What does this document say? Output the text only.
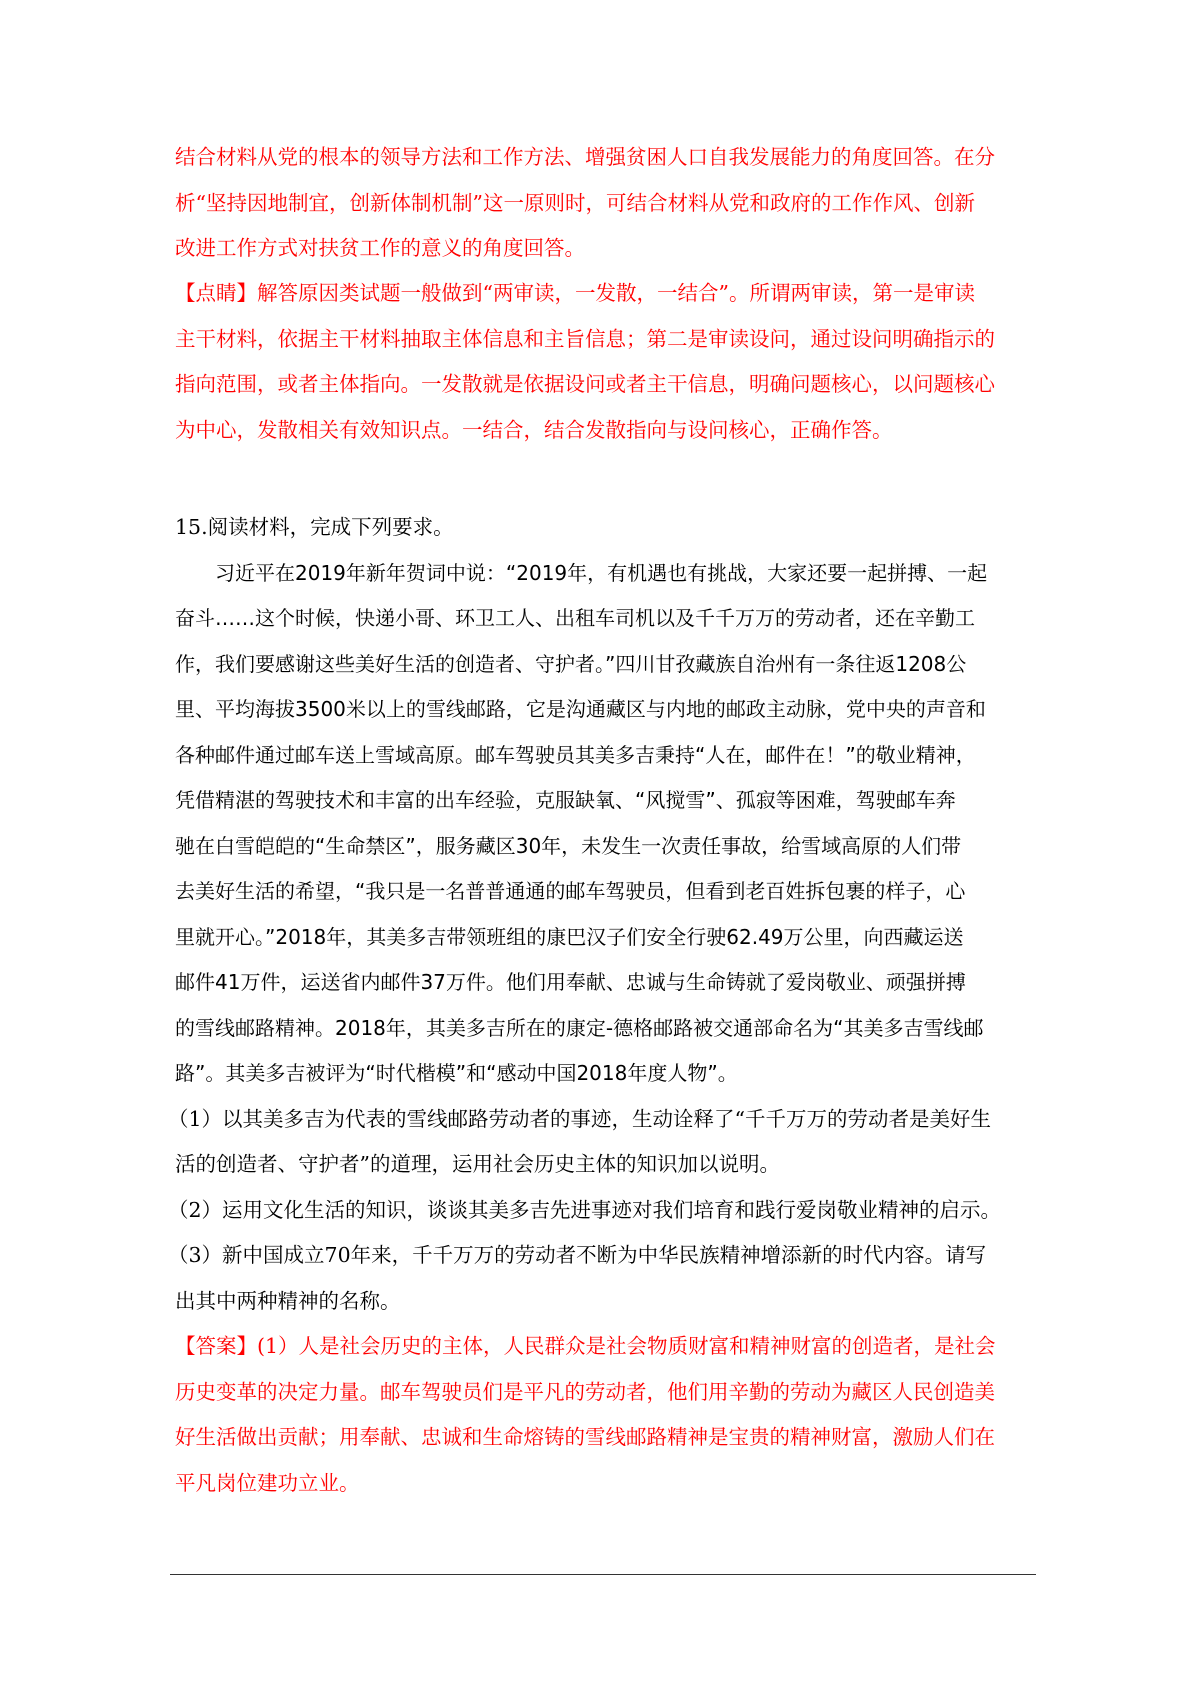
结合材料从党的根本的领导方法和工作方法、增强贫困人口自我发展能力的角度回答。在分
析“坚持因地制宜，创新体制机制”这一原则时，可结合材料从党和政府的工作作风、创新
改进工作方式对扶贫工作的意义的角度回答。
【点睛】解答原因类试题一般做到“两审读，一发散，一结合”。所谓两审读，第一是审读
主干材料，依据主干材料抽取主体信息和主旨信息；第二是审读设问，通过设问明确指示的
指向范围，或者主体指向。一发散就是依据设问或者主干信息，明确问题核心，以问题核心
为中心，发散相关有效知识点。一结合，结合发散指向与设问核心，正确作答。
15.阅读材料，完成下列要求。
习近平在2019年新年贺词中说：“2019年，有机遇也有挑战，大家还要一起拼搏、一起
奋斗……这个时候，快递小哥、环卫工人、出租车司机以及千千万万的劳动者，还在辛勤工
作，我们要感谢这些美好生活的创造者、守护者。”四川甘孜藏族自治州有一条往返1208公
里、平均海拔3500米以上的雪线邮路，它是沟通藏区与内地的邮政主动脉，党中央的声音和
各种邮件通过邮车送上雪域高原。邮车驾驶员其美多吉秉持“人在，邮件在！”的敬业精神，
凭借精湛的驾驶技术和丰富的出车经验，克服缺氧、“风搅雪”、孤寂等困难，驾驶邮车奔
驰在白雪皑皑的“生命禁区”，服务藏区30年，未发生一次责任事故，给雪域高原的人们带
去美好生活的希望，“我只是一名普普通通的邮车驾驶员，但看到老百姓拆包裹的样子，心
里就开心。”2018年，其美多吉带领班组的康巴汉子们安全行驶62.49万公里，向西藏运送
邮件41万件，运送省内邮件37万件。他们用奉献、忠诚与生命铸就了爱岗敬业、顽强拼搏
的雪线邮路精神。2018年，其美多吉所在的康定-德格邮路被交通部命名为“其美多吉雪线邮
路”。其美多吉被评为“时代楷模”和“感动中国2018年度人物”。
（1）以其美多吉为代表的雪线邮路劳动者的事迹，生动诠释了“千千万万的劳动者是美好生
活的创造者、守护者”的道理，运用社会历史主体的知识加以说明。
（2）运用文化生活的知识，谈谈其美多吉先进事迹对我们培育和践行爱岗敬业精神的启示。
（3）新中国成立70年来，千千万万的劳动者不断为中华民族精神增添新的时代内容。请写
出其中两种精神的名称。
【答案】(1）人是社会历史的主体，人民群众是社会物质财富和精神财富的创造者，是社会
历史变革的决定力量。邮车驾驶员们是平凡的劳动者，他们用辛勤的劳动为藏区人民创造美
好生活做出贡献；用奉献、忠诚和生命熔铸的雪线邮路精神是宝贵的精神财富，激励人们在
平凡岗位建功立业。
